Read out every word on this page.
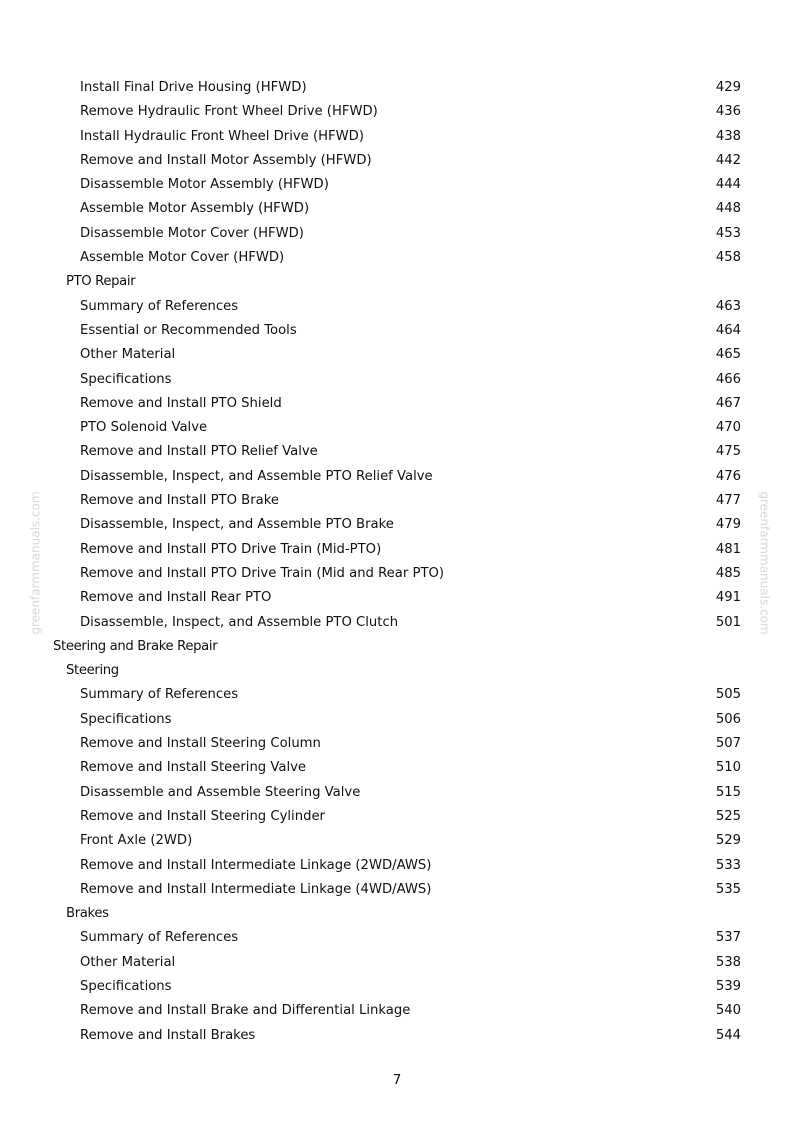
Install Final Drive Housing (HFWD)	429
Remove Hydraulic Front Wheel Drive (HFWD)	436
Install Hydraulic Front Wheel Drive (HFWD)	438
Remove and Install Motor Assembly (HFWD)	442
Disassemble Motor Assembly (HFWD)	444
Assemble Motor Assembly (HFWD)	448
Disassemble Motor Cover (HFWD)	453
Assemble Motor Cover (HFWD)	458
PTO Repair
Summary of References	463
Essential or Recommended Tools	464
Other Material	465
Specifications	466
Remove and Install PTO Shield	467
PTO Solenoid Valve	470
Remove and Install PTO Relief Valve	475
Disassemble, Inspect, and Assemble PTO Relief Valve	476
Remove and Install PTO Brake	477
Disassemble, Inspect, and Assemble PTO Brake	479
Remove and Install PTO Drive Train (Mid-PTO)	481
Remove and Install PTO Drive Train (Mid and Rear PTO)	485
Remove and Install Rear PTO	491
Disassemble, Inspect, and Assemble PTO Clutch	501
Steering and Brake Repair
Steering
Summary of References	505
Specifications	506
Remove and Install Steering Column	507
Remove and Install Steering Valve	510
Disassemble and Assemble Steering Valve	515
Remove and Install Steering Cylinder	525
Front Axle (2WD)	529
Remove and Install Intermediate Linkage (2WD/AWS)	533
Remove and Install Intermediate Linkage (4WD/AWS)	535
Brakes
Summary of References	537
Other Material	538
Specifications	539
Remove and Install Brake and Differential Linkage	540
Remove and Install Brakes	544
greenfarmmanuals.com	greenfarmmanuals.com
7
